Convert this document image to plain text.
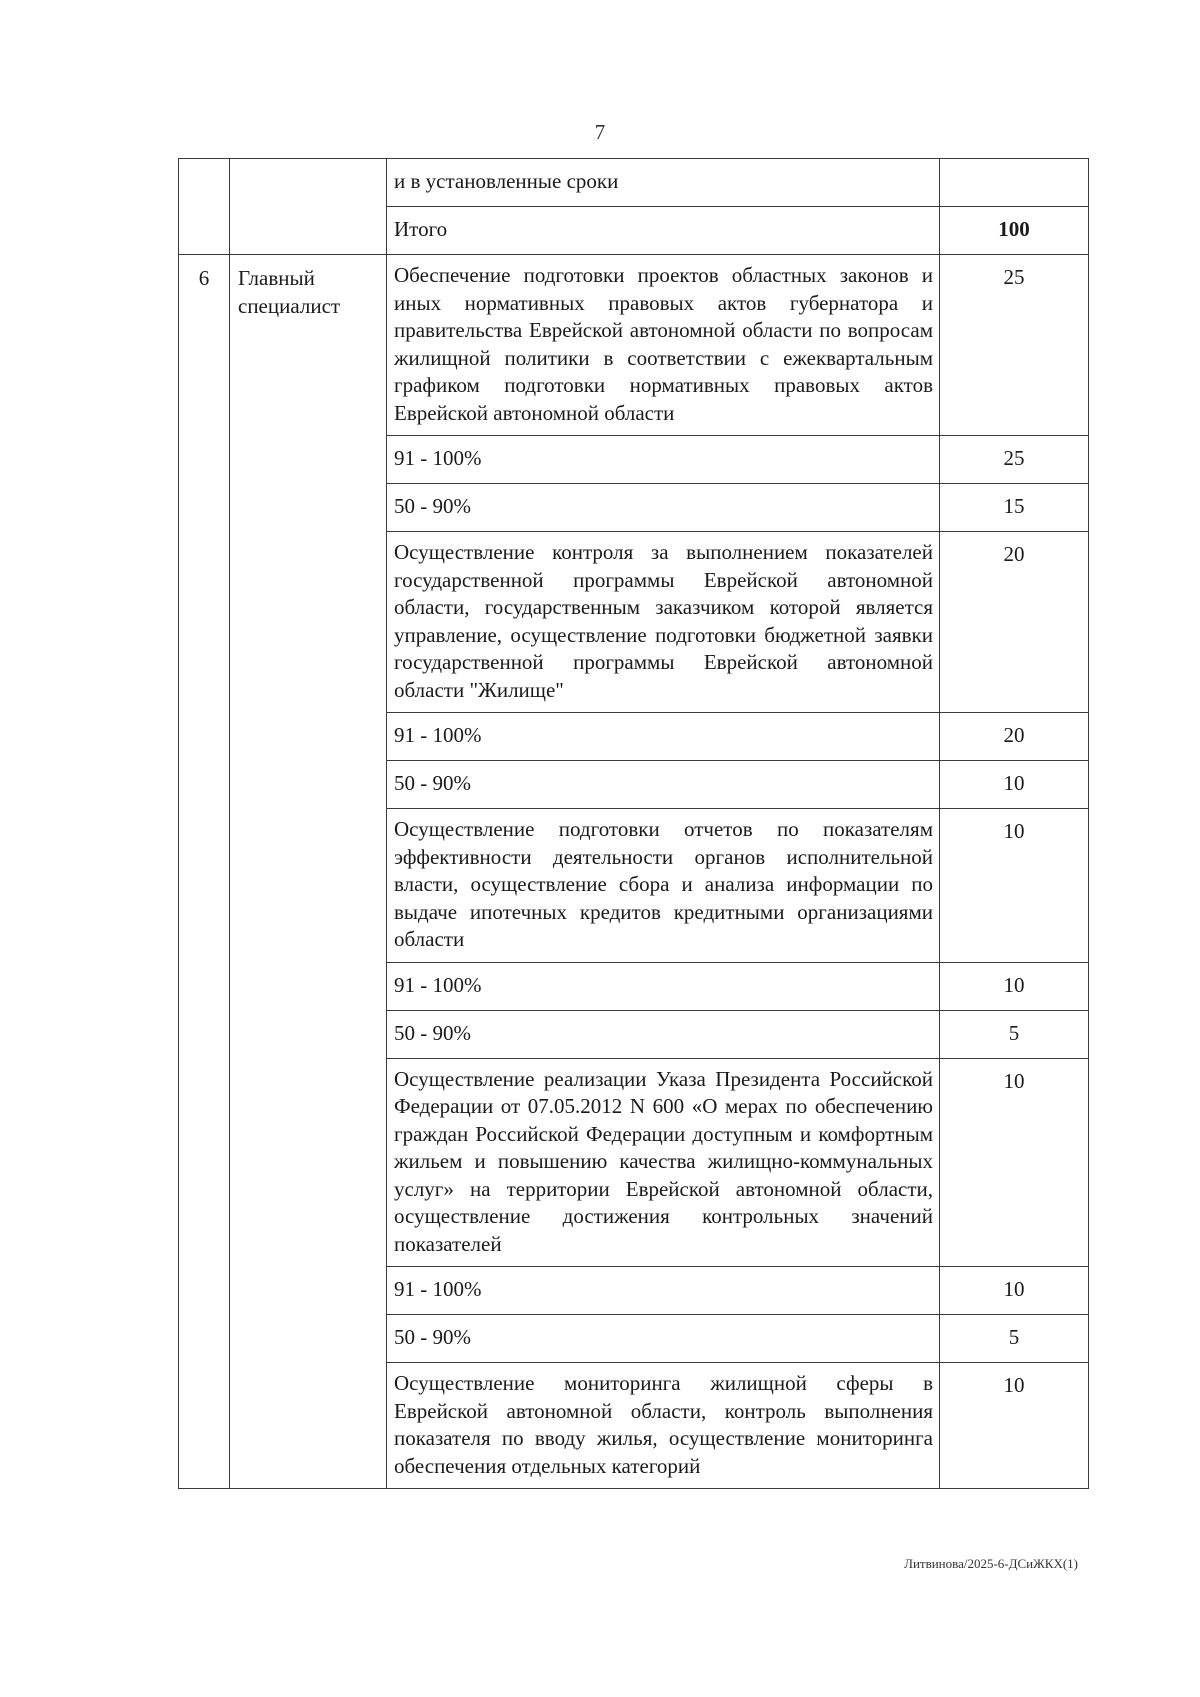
7
		и в установленные сроки	
		Итого	100
6	Главный специалист	Обеспечение подготовки проектов областных законов и иных нормативных правовых актов губернатора и правительства Еврейской автономной области по вопросам жилищной политики в соответствии с ежеквартальным графиком подготовки нормативных правовых актов Еврейской автономной области	25
		91 - 100%	25
		50 - 90%	15
		Осуществление контроля за выполнением показателей государственной программы Еврейской автономной области, государственным заказчиком которой является управление, осуществление подготовки бюджетной заявки государственной программы Еврейской автономной области "Жилище"	20
		91 - 100%	20
		50 - 90%	10
		Осуществление подготовки отчетов по показателям эффективности деятельности органов исполнительной власти, осуществление сбора и анализа информации по выдаче ипотечных кредитов кредитными организациями области	10
		91 - 100%	10
		50 - 90%	5
		Осуществление реализации Указа Президента Российской Федерации от 07.05.2012 N 600 «О мерах по обеспечению граждан Российской Федерации доступным и комфортным жильем и повышению качества жилищно-коммунальных услуг» на территории Еврейской автономной области, осуществление достижения контрольных значений показателей	10
		91 - 100%	10
		50 - 90%	5
		Осуществление мониторинга жилищной сферы в Еврейской автономной области, контроль выполнения показателя по вводу жилья, осуществление мониторинга обеспечения отдельных категорий	10
Литвинова/2025-6-ДСиЖКХ(1)
